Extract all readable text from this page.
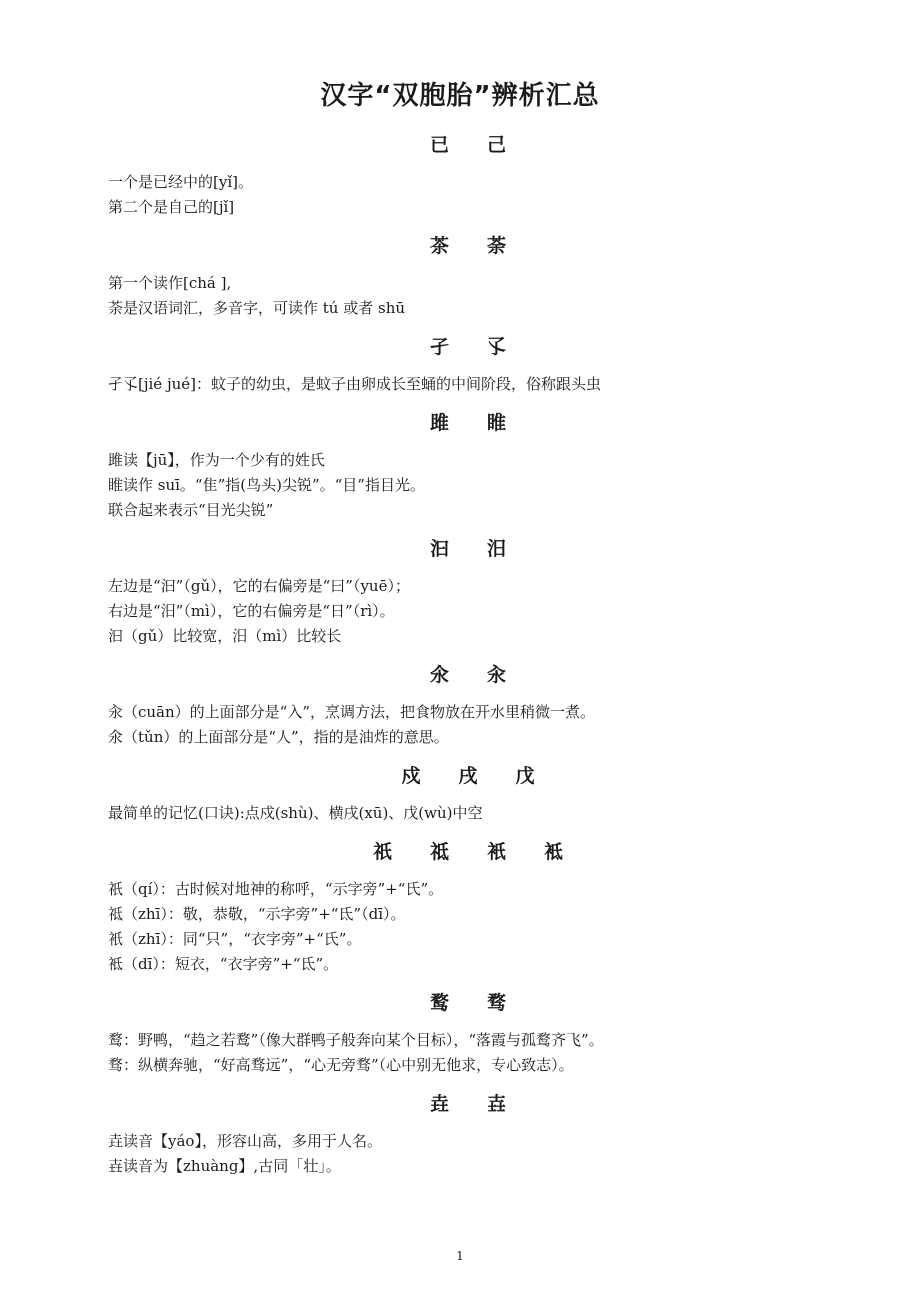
汉字“双胞胎”辨析汇总
已 己
一个是已经中的[yǐ]。
第二个是自己的[jǐ]
茶 荼
第一个读作[chá ],
荼是汉语词汇，多音字，可读作 tú 或者 shū
孑 孓
孑孓[jié jué]：蚊子的幼虫，是蚊子由卵成长至蛹的中间阶段，俗称跟头虫
雎 睢
雎读【jū】，作为一个少有的姓氏
睢读作 suī。“隹”指(鸟头)尖锐”。“目”指目光。
联合起来表示“目光尖锐”
汩 汨
左边是“汩”（gǔ），它的右偏旁是“曰”（yuē）；
右边是“汨”（mì），它的右偏旁是“日”（rì）。
汩（gǔ）比较宽，汨（mì）比较长
氽 汆
汆（cuān）的上面部分是“入”，烹调方法，把食物放在开水里稍微一煮。
氽（tǔn）的上面部分是“人”，指的是油炸的意思。
戍 戌 戊
最简单的记忆(口诀):点戍(shù)、横戌(xū)、戊(wù)中空
祇 祗 衹 袛
祇（qí）：古时候对地神的称呼，“示字旁”+“氏”。
祗（zhī）：敬，恭敬，“示字旁”+“氐”（dī）。
衹（zhī）：同“只”，“衣字旁”+“氏”。
袛（dī）：短衣，“衣字旁”+“氐”。
鹜 骛
鹜：野鸭，“趋之若鹜”（像大群鸭子般奔向某个目标），“落霞与孤鹜齐飞”。
骛：纵横奔驰，“好高骛远”，“心无旁骛”（心中别无他求，专心致志）。
垚 壵
垚读音【yáo】，形容山高，多用于人名。
壵读音为【zhuàng】,古同「壮」。
1
